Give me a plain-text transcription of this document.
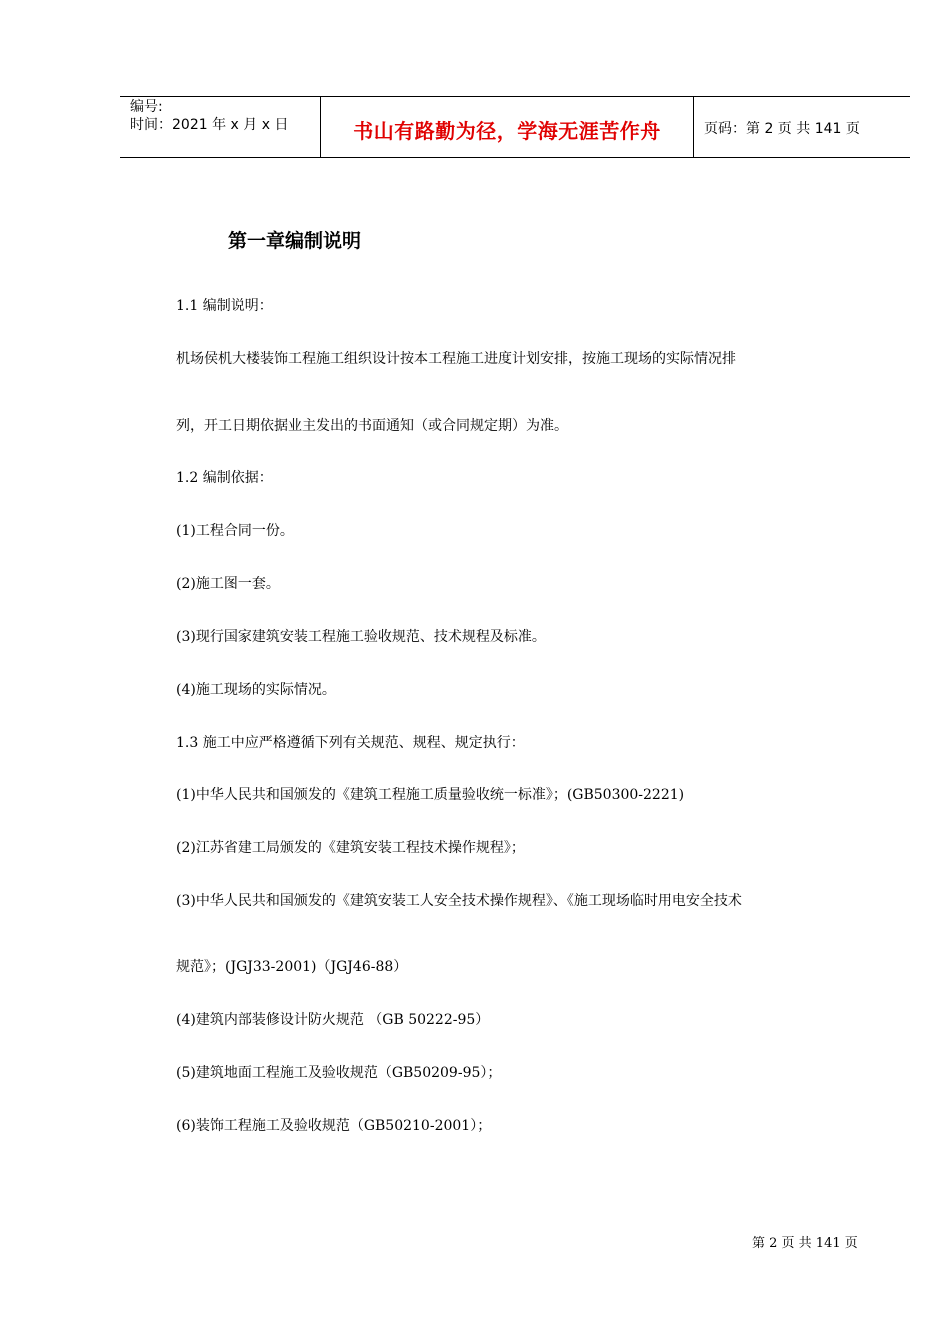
编号:
时间：2021 年 x 月 x 日	书山有路勤为径，学海无涯苦作舟	页码：第 2 页 共 141 页
第一章编制说明
1.1 编制说明：
机场侯机大楼装饰工程施工组织设计按本工程施工进度计划安排，按施工现场的实际情况排
列，开工日期依据业主发出的书面通知（或合同规定期）为准。
1.2 编制依据：
(1)工程合同一份。
(2)施工图一套。
(3)现行国家建筑安装工程施工验收规范、技术规程及标准。
(4)施工现场的实际情况。
1.3 施工中应严格遵循下列有关规范、规程、规定执行：
(1)中华人民共和国颁发的《建筑工程施工质量验收统一标准》；(GB50300-2221)
(2)江苏省建工局颁发的《建筑安装工程技术操作规程》；
(3)中华人民共和国颁发的《建筑安装工人安全技术操作规程》、《施工现场临时用电安全技术
规范》；(JGJ33-2001)（JGJ46-88）
(4)建筑内部装修设计防火规范 （GB 50222-95）
(5)建筑地面工程施工及验收规范（GB50209-95）；
(6)装饰工程施工及验收规范（GB50210-2001）；
第 2 页 共 141 页
